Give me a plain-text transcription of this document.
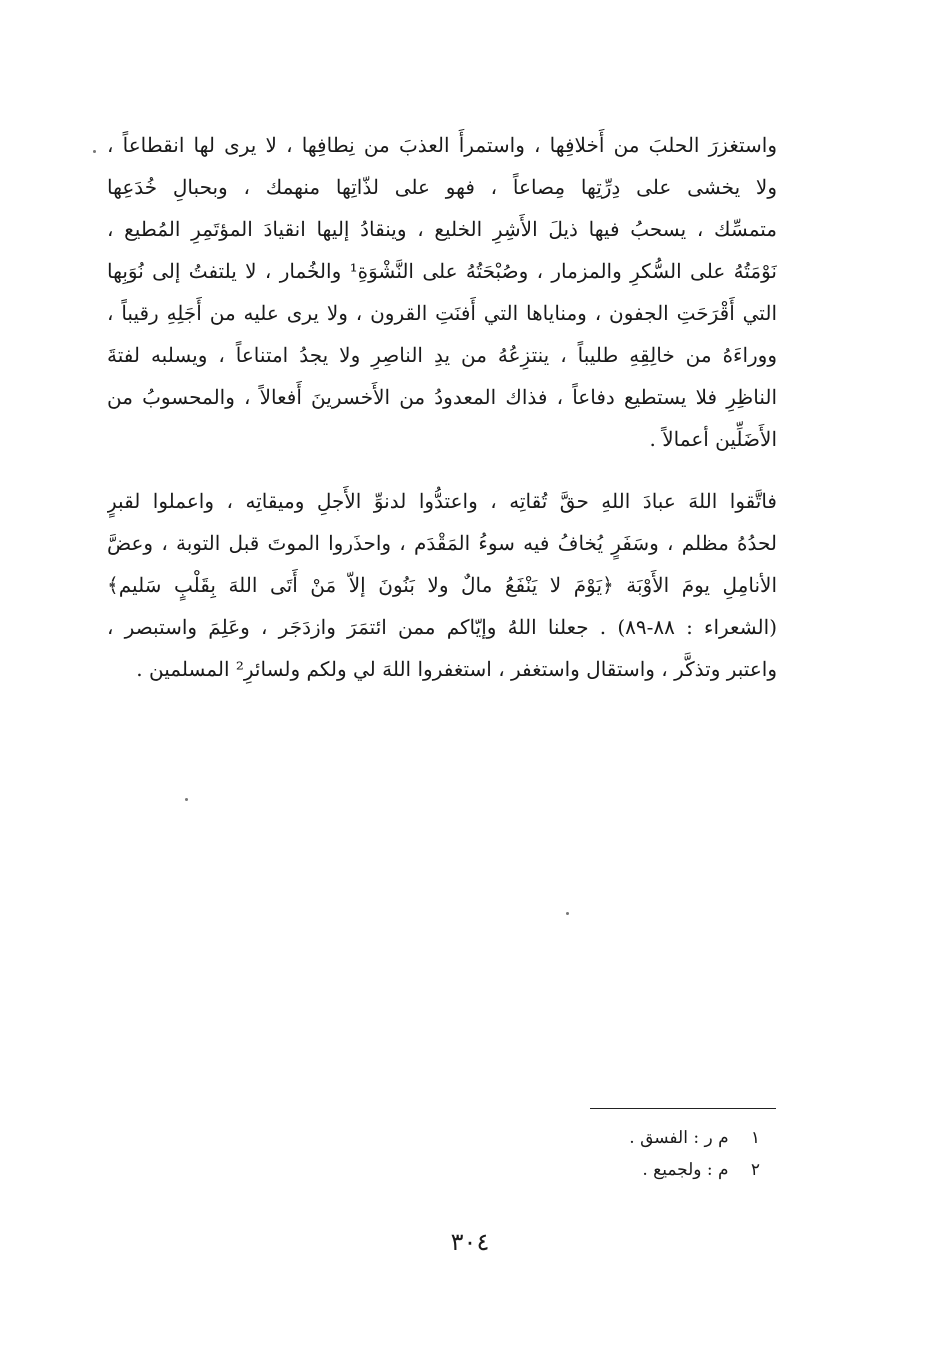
واستغزرَ الحلبَ من أَخلافِها ، واستمرأَ العذبَ من نِطافِها ، لا يرى لها انقطاعاً ،
ولا يخشى على دِرِّتِها مِصاعاً ، فهو على لذّاتِها منهمك ، وبحبالِ خُدَعِها
متمسِّك ، يسحبُ فيها ذيلَ الأَشِرِ الخليع ، وينقادُ إليها انقيادَ المؤتَمِرِ المُطيع ،
نَوْمَتُهُ على السُّكرِ والمزمار ، وصُبْحَتُهُ على النَّشْوَةِ¹ والخُمار ، لا يلتفتُ إلى نُوَبِها
التي أَقْرَحَتِ الجفون ، ومناياها التي أَفنَتِ القرون ، ولا يرى عليه من أَجَلِهِ رقيباً ،
ووراءَهُ من خالِقِهِ طليباً ، ينتزِعُهُ من يدِ الناصِرِ ولا يجدُ امتناعاً ، ويسلبه لفتةَ
الناظِرِ فلا يستطيع دفاعاً ، فذاك المعدودُ من الأَخسرينَ أَفعالاً ، والمحسوبُ من
الأَضَلِّين أعمالاً .
فاتَّقوا اللهَ عبادَ اللهِ حقَّ تُقاتِه ، واعتدُّوا لدنوِّ الأَجلِ وميقاتِه ، واعملوا لقبرٍ
لحدُهُ مظلم ، وسَفَرٍ يُخافُ فيه سوءُ المَقْدَم ، واحذَروا الموتَ قبل التوبة ، وعضَّ
الأنامِلِ يومَ الأَوْبَة ﴿يَوْمَ لا يَنْفَعُ مالٌ ولا بَنُونَ إلاّ مَنْ أَتَى اللهَ بِقَلْبٍ سَليم﴾
(الشعراء : ٨٨-٨٩) . جعلنا اللهُ وإيّاكم ممن ائتمَرَ وازدَجَر ، وعَلِمَ واستبصر ،
واعتبر وتذكَّر ، واستقال واستغفر ، استغفروا اللهَ لي ولكم ولسائرِ² المسلمين .
١ م ر : الفسق .
٢ م : ولجميع .
٣٠٤
